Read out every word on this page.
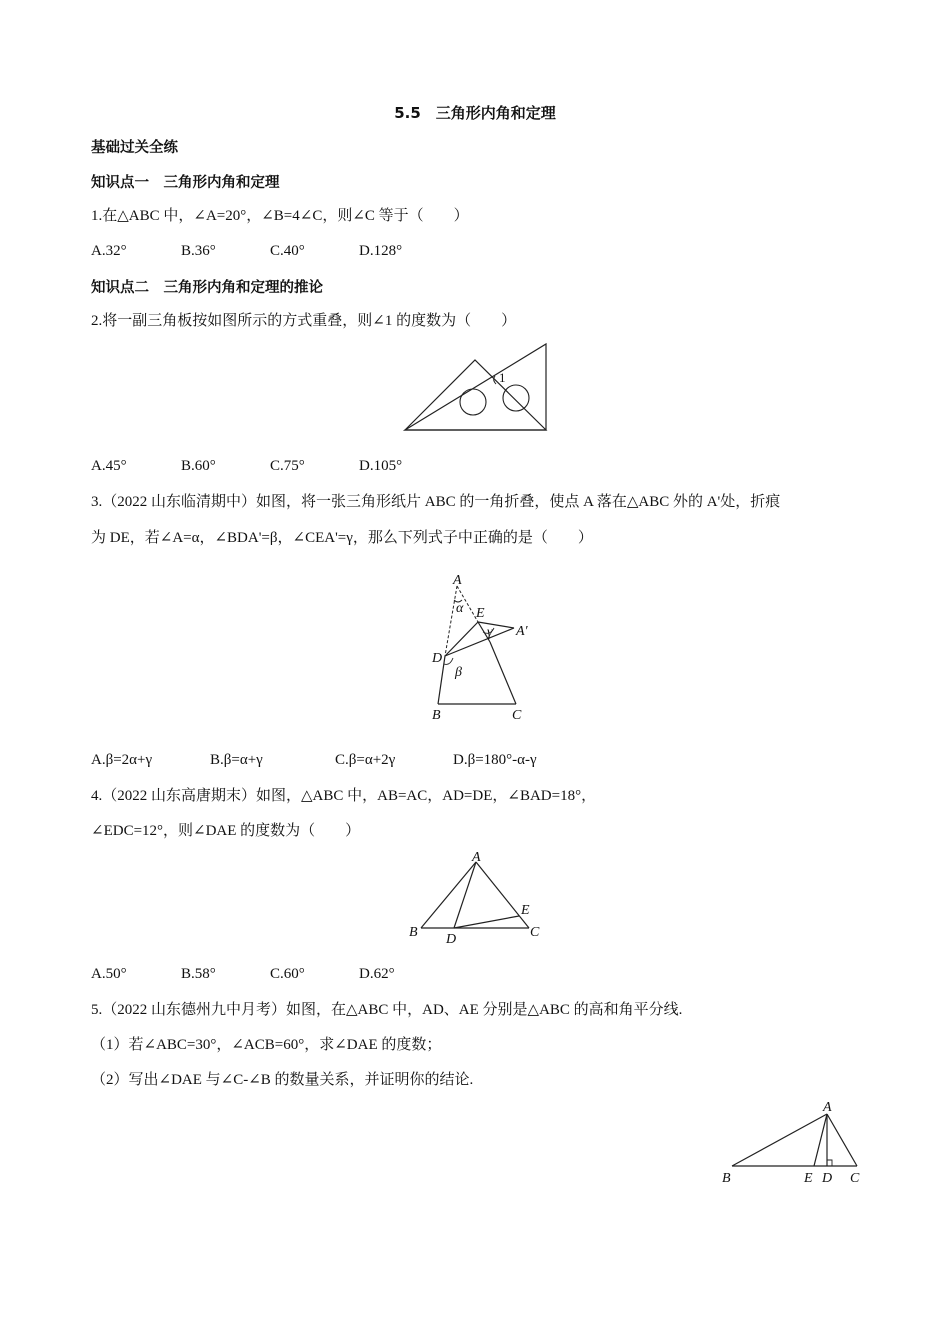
5.5　三角形内角和定理
基础过关全练
知识点一　三角形内角和定理
1.在△ABC 中，∠A=20°，∠B=4∠C，则∠C 等于（　　）
A.32°	B.36°	C.40°	D.128°
知识点二　三角形内角和定理的推论
2.将一副三角板按如图所示的方式重叠，则∠1 的度数为（　　）
1
A.45°	B.60°	C.75°	D.105°
3.（2022 山东临清期中）如图，将一张三角形纸片 ABC 的一角折叠，使点 A 落在△ABC 外的 A'处，折痕
为 DE，若∠A=α，∠BDA'=β，∠CEA'=γ，那么下列式子中正确的是（　　）
A
α E
γ A′
D
β
B	C
A.β=2α+γ	B.β=α+γ	C.β=α+2γ	D.β=180°-α-γ
4.（2022 山东高唐期末）如图，△ABC 中，AB=AC，AD=DE，∠BAD=18°，
∠EDC=12°，则∠DAE 的度数为（　　）
A
B D
E
C
A.50°	B.58°	C.60°	D.62°
5.（2022 山东德州九中月考）如图，在△ABC 中，AD、AE 分别是△ABC 的高和角平分线.
（1）若∠ABC=30°，∠ACB=60°，求∠DAE 的度数；
（2）写出∠DAE 与∠C-∠B 的数量关系，并证明你的结论.
A
B	E D C
